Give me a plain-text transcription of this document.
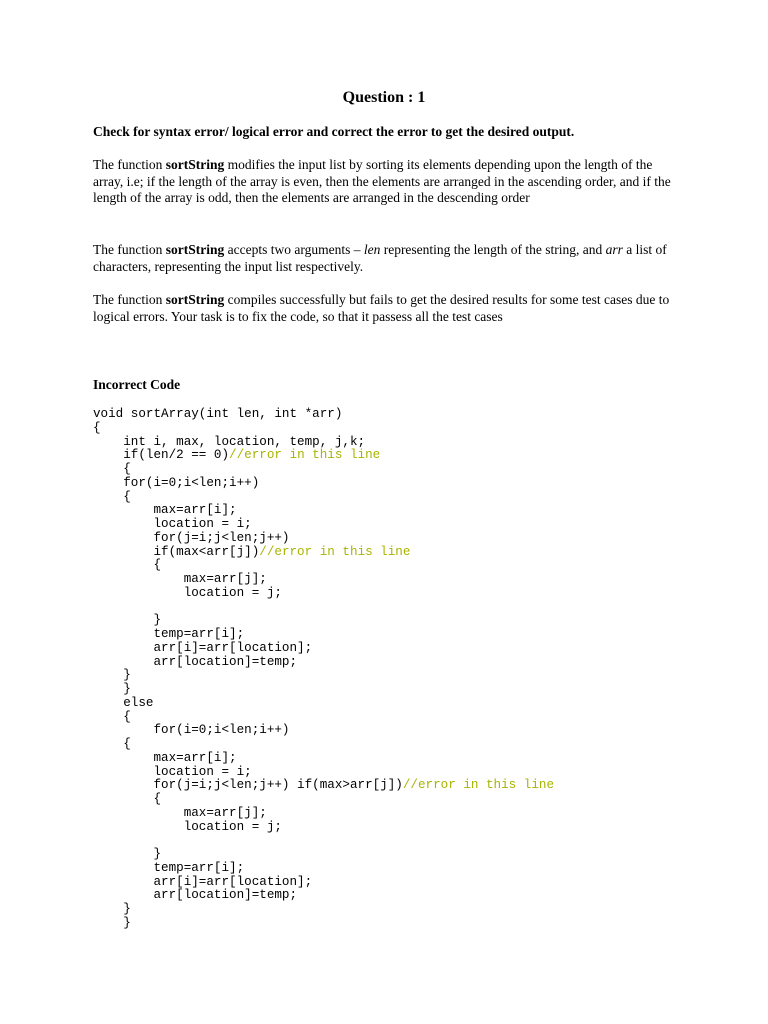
Question : 1
Check for syntax error/ logical error and correct the error to get the desired output.
The function sortString modifies the input list by sorting its elements depending upon the length of the array, i.e; if the length of the array is even, then the elements are arranged in the ascending order, and if the length of the array is odd, then the elements are arranged in the descending order
The function sortString accepts two arguments – len representing the length of the string, and arr a list of characters, representing the input list respectively.
The function sortString compiles successfully but fails to get the desired results for some test cases due to logical errors. Your task is to fix the code, so that it passess all the test cases
Incorrect Code
void sortArray(int len, int *arr)
{
int i, max, location, temp, j,k;
if(len/2 == 0)//error in this line
{
for(i=0;i<len;i++)
{
max=arr[i];
location = i;
for(j=i;j<len;j++)
if(max<arr[j])//error in this line
{
max=arr[j];
location = j;
}
temp=arr[i];
arr[i]=arr[location];
arr[location]=temp;
}
}
else
{
for(i=0;i<len;i++)
{
max=arr[i];
location = i;
for(j=i;j<len;j++) if(max>arr[j])//error in this line
{
max=arr[j];
location = j;
}
temp=arr[i];
arr[i]=arr[location];
arr[location]=temp;
}
}
